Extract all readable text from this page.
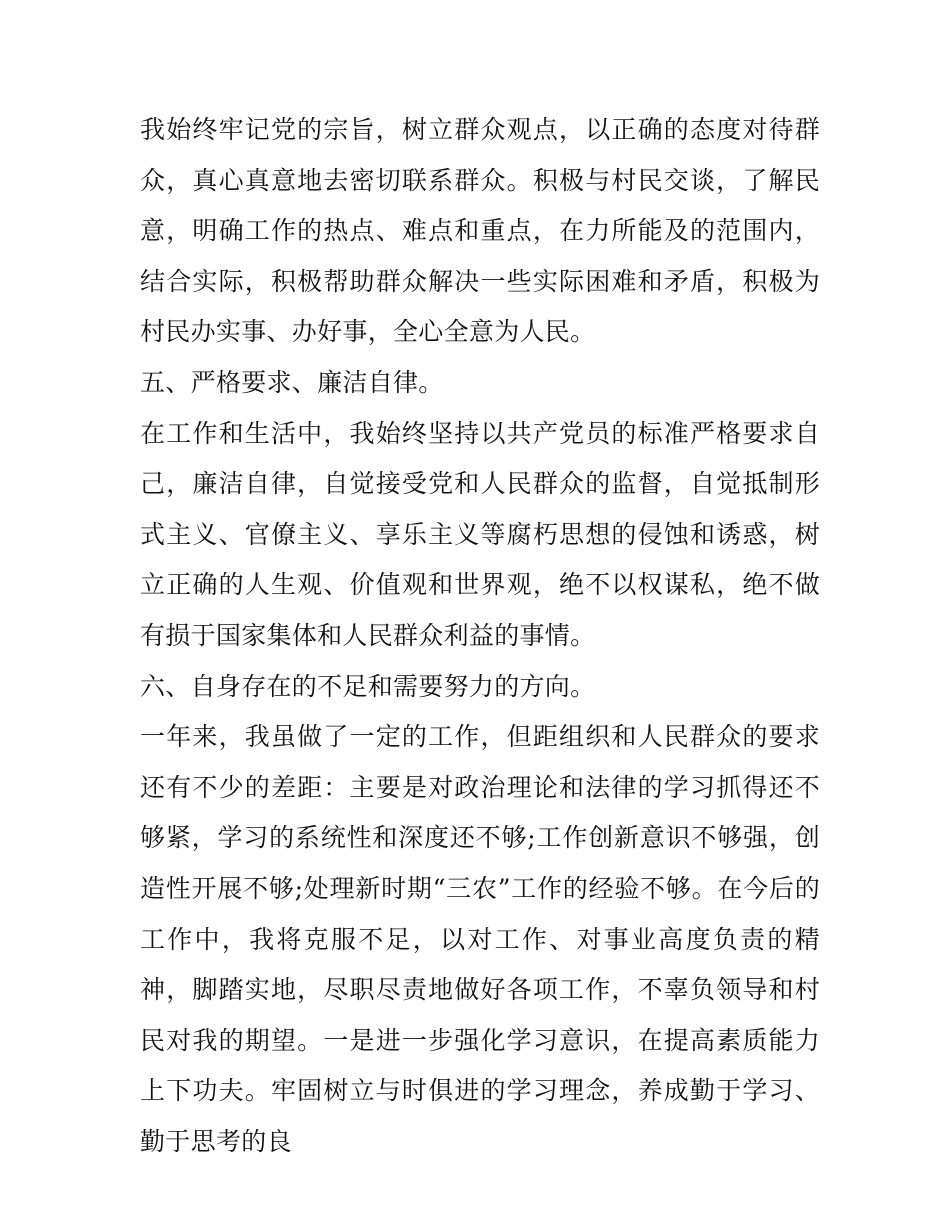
我始终牢记党的宗旨，树立群众观点，以正确的态度对待群众，真心真意地去密切联系群众。积极与村民交谈，了解民意，明确工作的热点、难点和重点，在力所能及的范围内，结合实际，积极帮助群众解决一些实际困难和矛盾，积极为村民办实事、办好事，全心全意为人民。

五、严格要求、廉洁自律。

在工作和生活中，我始终坚持以共产党员的标准严格要求自己，廉洁自律，自觉接受党和人民群众的监督，自觉抵制形式主义、官僚主义、享乐主义等腐朽思想的侵蚀和诱惑，树立正确的人生观、价值观和世界观，绝不以权谋私，绝不做有损于国家集体和人民群众利益的事情。

六、自身存在的不足和需要努力的方向。

一年来，我虽做了一定的工作，但距组织和人民群众的要求还有不少的差距：主要是对政治理论和法律的学习抓得还不够紧，学习的系统性和深度还不够;工作创新意识不够强，创造性开展不够;处理新时期“三农”工作的经验不够。在今后的工作中，我将克服不足，以对工作、对事业高度负责的精神，脚踏实地，尽职尽责地做好各项工作，不辜负领导和村民对我的期望。一是进一步强化学习意识，在提高素质能力上下功夫。牢固树立与时俱进的学习理念，养成勤于学习、勤于思考的良
